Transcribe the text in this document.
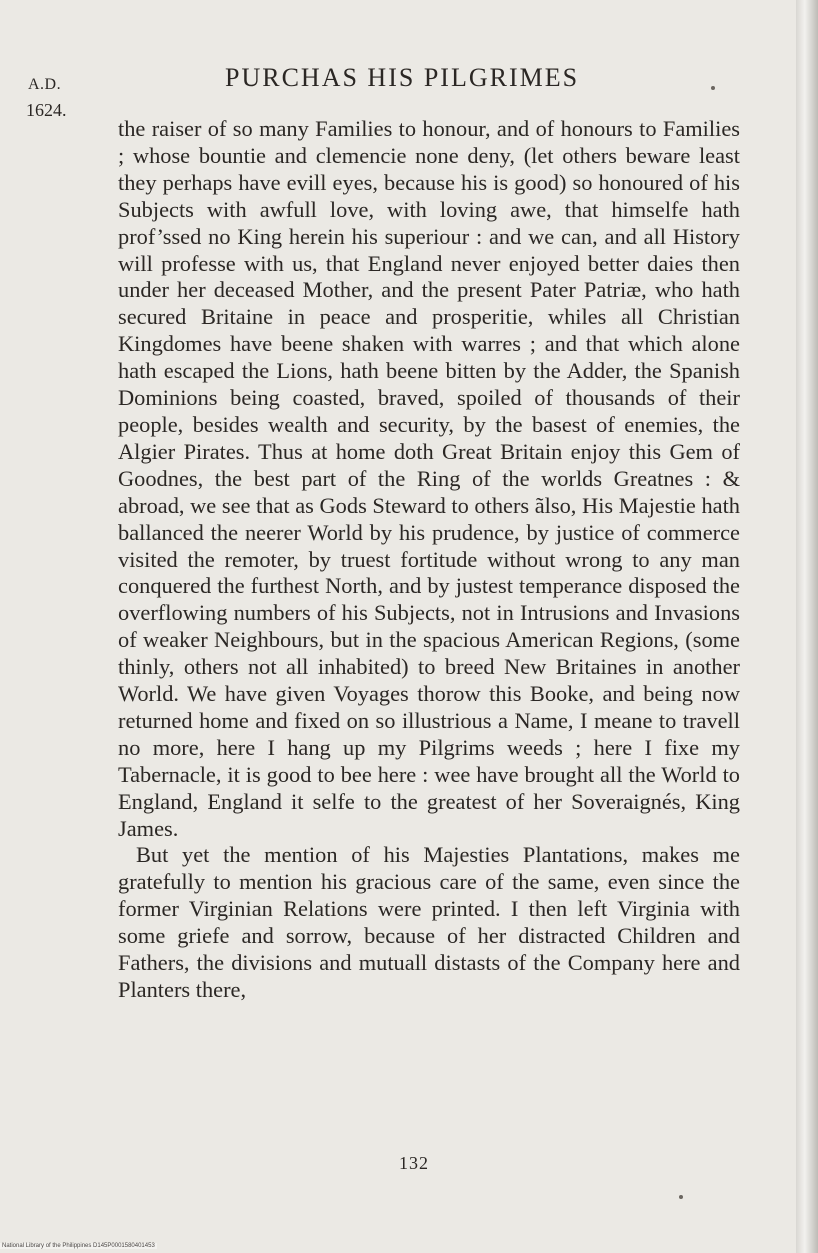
A.D.
1624.
PURCHAS HIS PILGRIMES

the raiser of so many Families to honour, and of honours to Families ; whose bountie and clemencie none deny, (let others beware least they perhaps have evill eyes, because his is good) so honoured of his Subjects with awfull love, with loving awe, that himselfe hath prof’ssed no King herein his superiour : and we can, and all History will professe with us, that England never enjoyed better daies then under her deceased Mother, and the present Pater Patriæ, who hath secured Britaine in peace and prosperitie, whiles all Christian Kingdomes have beene shaken with warres ; and that which alone hath escaped the Lions, hath beene bitten by the Adder, the Spanish Dominions being coasted, braved, spoiled of thousands of their people, besides wealth and security, by the basest of enemies, the Algier Pirates. Thus at home doth Great Britain enjoy this Gem of Goodnes, the best part of the Ring of the worlds Greatnes : & abroad, we see that as Gods Steward to others ãlso, His Majestie hath ballanced the neerer World by his prudence, by justice of commerce visited the remoter, by truest fortitude without wrong to any man conquered the furthest North, and by justest temperance disposed the overflowing numbers of his Subjects, not in Intrusions and Invasions of weaker Neighbours, but in the spacious American Regions, (some thinly, others not all inhabited) to breed New Britaines in another World. We have given Voyages thorow this Booke, and being now returned home and fixed on so illustrious a Name, I meane to travell no more, here I hang up my Pilgrims weeds ; here I fixe my Tabernacle, it is good to bee here : wee have brought all the World to England, England it selfe to the greatest of her Soveraignés, King James.

But yet the mention of his Majesties Plantations, makes me gratefully to mention his gracious care of the same, even since the former Virginian Relations were printed. I then left Virginia with some griefe and sorrow, because of her distracted Children and Fathers, the divisions and mutuall distasts of the Company here and Planters there,

132
National Library of the Philippines D145P0001580401453
